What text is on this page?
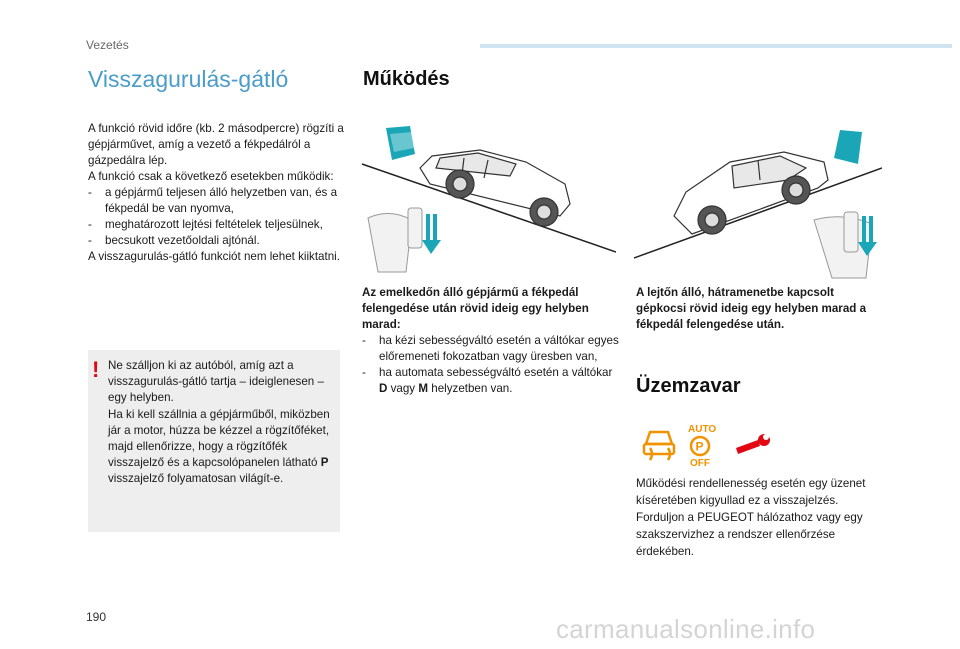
Vezetés
Visszagurulás-gátló

A funkció rövid időre (kb. 2 másodpercre) rögzíti a gépjárművet, amíg a vezető a fékpedálról a gázpedálra lép.

A funkció csak a következő esetekben működik:

- a gépjármű teljesen álló helyzetben van, és a fékpedál be van nyomva,

- meghatározott lejtési feltételek teljesülnek,

- becsukott vezetőoldali ajtónál.

A visszagurulás-gátló funkciót nem lehet kiiktatni.

! Ne szálljon ki az autóból, amíg azt a visszagurulás-gátló tartja – ideiglenesen – egy helyben.

Ha ki kell szállnia a gépjárműből, miközben jár a motor, húzza be kézzel a rögzítőféket, majd ellenőrizze, hogy a rögzítőfék visszajelző és a kapcsolópanelen látható P visszajelző folyamatosan világít-e.

Működés
Az emelkedőn álló gépjármű a fékpedál felengedése után rövid ideig egy helyben marad:

- ha kézi sebességváltó esetén a váltókar egyes előremeneti fokozatban vagy üresben van,

- ha automata sebességváltó esetén a váltókar D vagy M helyzetben van.

A lejtőn álló, hátramenetbe kapcsolt gépkocsi rövid ideig egy helyben marad a fékpedál felengedése után.
Üzemzavar
AUTO
P
OFF
Működési rendellenesség esetén egy üzenet kíséretében kigyullad ez a visszajelzés. Forduljon a PEUGEOT hálózathoz vagy egy szakszervizhez a rendszer ellenőrzése érdekében.
190	carmanualsonline.info
